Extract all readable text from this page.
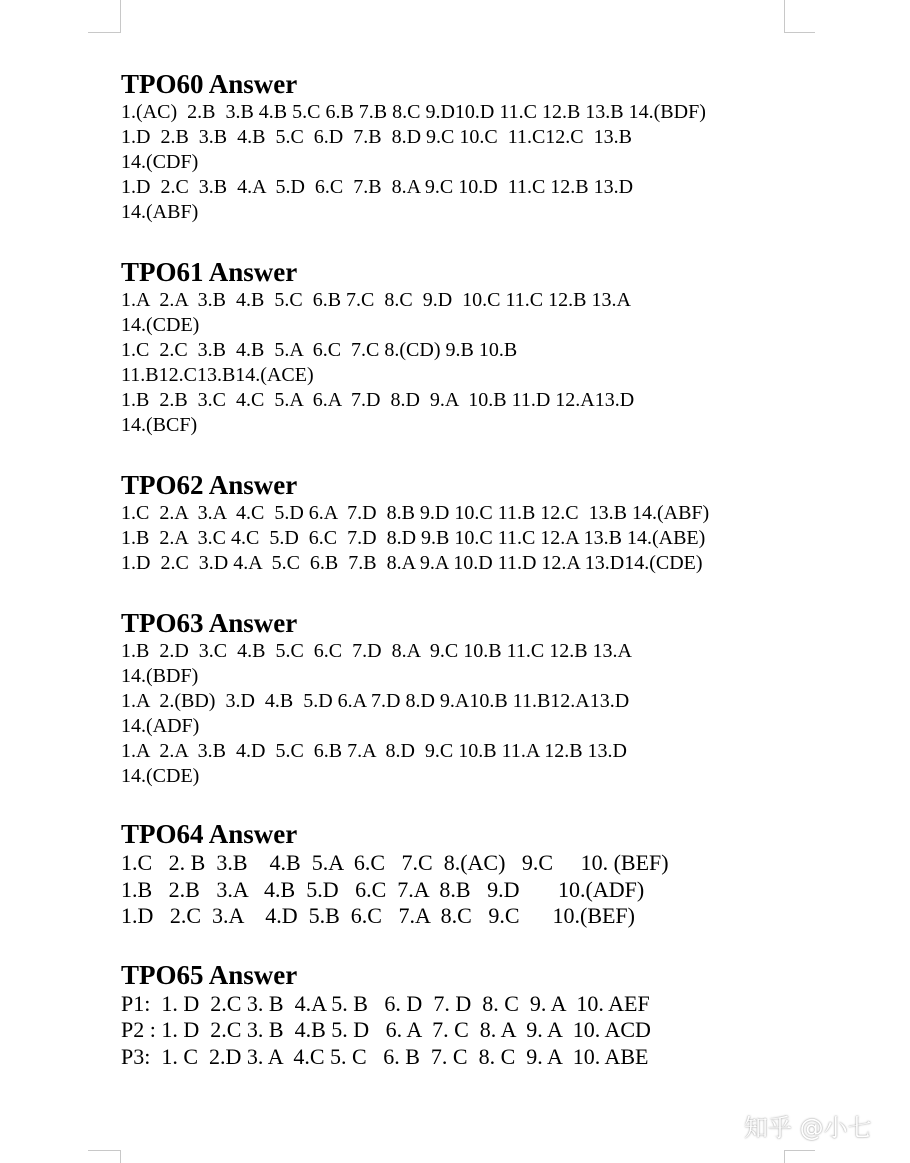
TPO60 Answer
1.(AC)  2.B  3.B 4.B 5.C 6.B 7.B 8.C 9.D10.D 11.C 12.B 13.B 14.(BDF)
1.D  2.B  3.B  4.B  5.C  6.D  7.B  8.D 9.C 10.C  11.C12.C  13.B
14.(CDF)
1.D  2.C  3.B  4.A  5.D  6.C  7.B  8.A 9.C 10.D  11.C 12.B 13.D
14.(ABF)
TPO61 Answer
1.A  2.A  3.B  4.B  5.C  6.B 7.C  8.C  9.D  10.C 11.C 12.B 13.A
14.(CDE)
1.C  2.C  3.B  4.B  5.A  6.C  7.C 8.(CD) 9.B 10.B
11.B12.C13.B14.(ACE)
1.B  2.B  3.C  4.C  5.A  6.A  7.D  8.D  9.A  10.B 11.D 12.A13.D
14.(BCF)
TPO62 Answer
1.C  2.A  3.A  4.C  5.D 6.A  7.D  8.B 9.D 10.C 11.B 12.C  13.B 14.(ABF)
1.B  2.A  3.C 4.C  5.D  6.C  7.D  8.D 9.B 10.C 11.C 12.A 13.B 14.(ABE)
1.D  2.C  3.D 4.A  5.C  6.B  7.B  8.A 9.A 10.D 11.D 12.A 13.D14.(CDE)
TPO63 Answer
1.B  2.D  3.C  4.B  5.C  6.C  7.D  8.A  9.C 10.B 11.C 12.B 13.A
14.(BDF)
1.A  2.(BD)  3.D  4.B  5.D 6.A 7.D 8.D 9.A10.B 11.B12.A13.D
14.(ADF)
1.A  2.A  3.B  4.D  5.C  6.B 7.A  8.D  9.C 10.B 11.A 12.B 13.D
14.(CDE)
TPO64 Answer
1.C   2. B  3.B    4.B  5.A  6.C   7.C  8.(AC)   9.C     10. (BEF)
1.B   2.B   3.A   4.B  5.D   6.C  7.A  8.B   9.D       10.(ADF)
1.D   2.C  3.A    4.D  5.B  6.C   7.A  8.C   9.C      10.(BEF)
TPO65 Answer
P1:  1. D  2.C 3. B  4.A 5. B   6. D  7. D  8. C  9. A  10. AEF
P2 : 1. D  2.C 3. B  4.B 5. D   6. A  7. C  8. A  9. A  10. ACD
P3:  1. C  2.D 3. A  4.C 5. C   6. B  7. C  8. C  9. A  10. ABE
知乎 @小七
